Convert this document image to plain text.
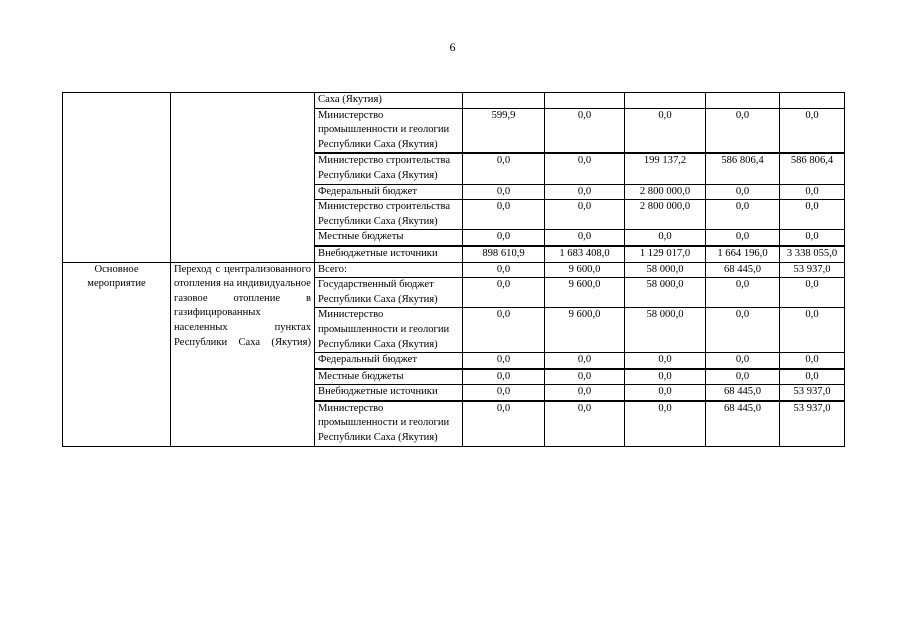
6
		Саха (Якутия)					
		Министерство промышленности и геологии Республики Саха (Якутия)	599,9	0,0	0,0	0,0	0,0
		Министерство строительства Республики Саха (Якутия)	0,0	0,0	199 137,2	586 806,4	586 806,4
		Федеральный бюджет	0,0	0,0	2 800 000,0	0,0	0,0
		Министерство строительства Республики Саха (Якутия)	0,0	0,0	2 800 000,0	0,0	0,0
		Местные бюджеты	0,0	0,0	0,0	0,0	0,0
		Внебюджетные источники	898 610,9	1 683 408,0	1 129 017,0	1 664 196,0	3 338 055,0
Основное мероприятие	Переход с централизованного отопления на индивидуальное газовое отопление в газифицированных населенных пунктах Республики Саха (Якутия)	Всего:	0,0	9 600,0	58 000,0	68 445,0	53 937,0
		Государственный бюджет Республики Саха (Якутия)	0,0	9 600,0	58 000,0	0,0	0,0
		Министерство промышленности и геологии Республики Саха (Якутия)	0,0	9 600,0	58 000,0	0,0	0,0
		Федеральный бюджет	0,0	0,0	0,0	0,0	0,0
		Местные бюджеты	0,0	0,0	0,0	0,0	0,0
		Внебюджетные источники	0,0	0,0	0,0	68 445,0	53 937,0
		Министерство промышленности и геологии Республики Саха (Якутия)	0,0	0,0	0,0	68 445,0	53 937,0
